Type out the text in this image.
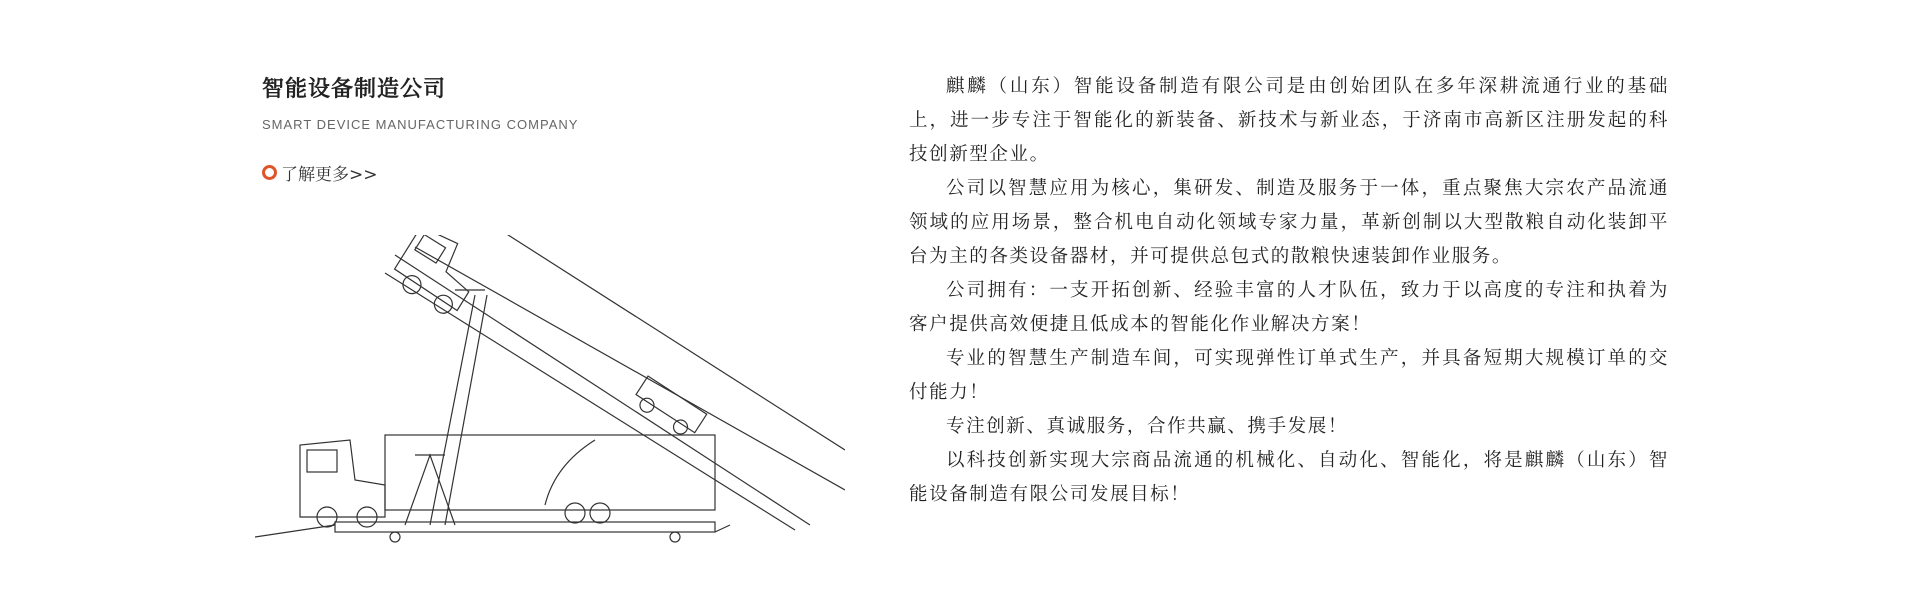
智能设备制造公司
SMART DEVICE MANUFACTURING COMPANY
了解更多>>

麒麟（山东）智能设备制造有限公司是由创始团队在多年深耕流通行业的基础上，进一步专注于智能化的新装备、新技术与新业态，于济南市高新区注册发起的科技创新型企业。

公司以智慧应用为核心，集研发、制造及服务于一体，重点聚焦大宗农产品流通领域的应用场景，整合机电自动化领域专家力量，革新创制以大型散粮自动化装卸平台为主的各类设备器材，并可提供总包式的散粮快速装卸作业服务。

公司拥有：一支开拓创新、经验丰富的人才队伍，致力于以高度的专注和执着为客户提供高效便捷且低成本的智能化作业解决方案！

专业的智慧生产制造车间，可实现弹性订单式生产，并具备短期大规模订单的交付能力！

专注创新、真诚服务，合作共赢、携手发展！

以科技创新实现大宗商品流通的机械化、自动化、智能化，将是麒麟（山东）智能设备制造有限公司发展目标！
